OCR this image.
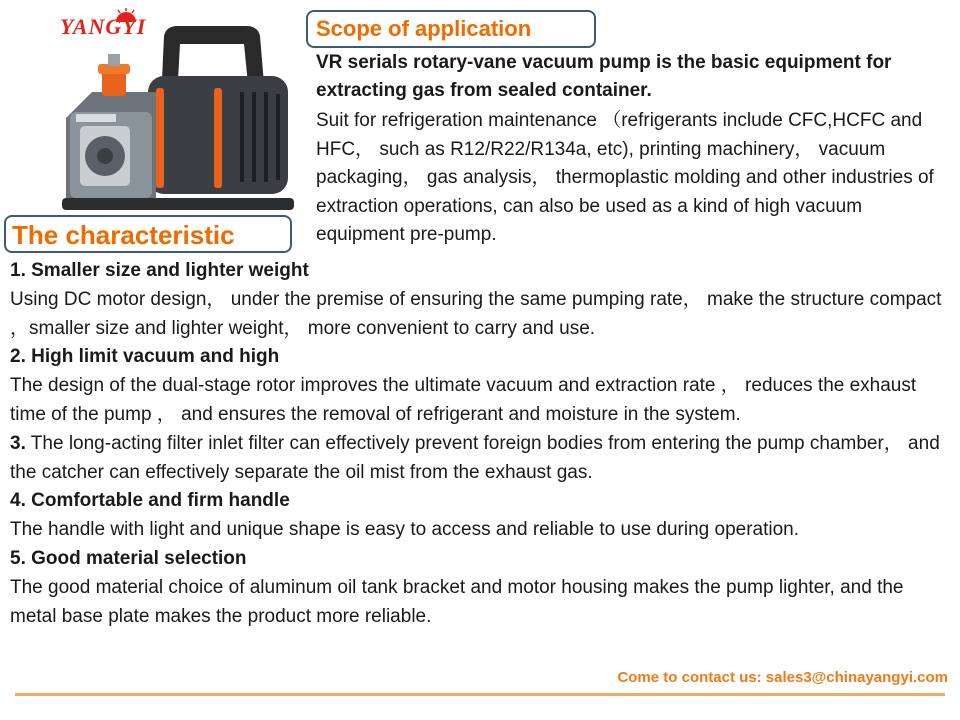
YANGYI	Scope of application
VR serials rotary-vane vacuum pump is the basic equipment for extracting gas from sealed container.
Suit for refrigeration maintenance （refrigerants include CFC,HCFC and HFC， such as R12/R22/R134a, etc), printing machinery， vacuum packaging， gas analysis， thermoplastic molding and other industries of extraction operations, can also be used as a kind of high vacuum equipment pre-pump.
The characteristic

1. Smaller size and lighter weight
Using DC motor design， under the premise of ensuring the same pumping rate， make the structure compact ，smaller size and lighter weight， more convenient to carry and use.

2. High limit vacuum and high
The design of the dual-stage rotor improves the ultimate vacuum and extraction rate ， reduces the exhaust time of the pump ， and ensures the removal of refrigerant and moisture in the system.

3. The long-acting filter inlet filter can effectively prevent foreign bodies from entering the pump chamber， and the catcher can effectively separate the oil mist from the exhaust gas.

4. Comfortable and firm handle
The handle with light and unique shape is easy to access and reliable to use during operation.

5. Good material selection
The good material choice of aluminum oil tank bracket and motor housing makes the pump lighter, and the metal base plate makes the product more reliable.

Come to contact us: sales3@chinayangyi.com
